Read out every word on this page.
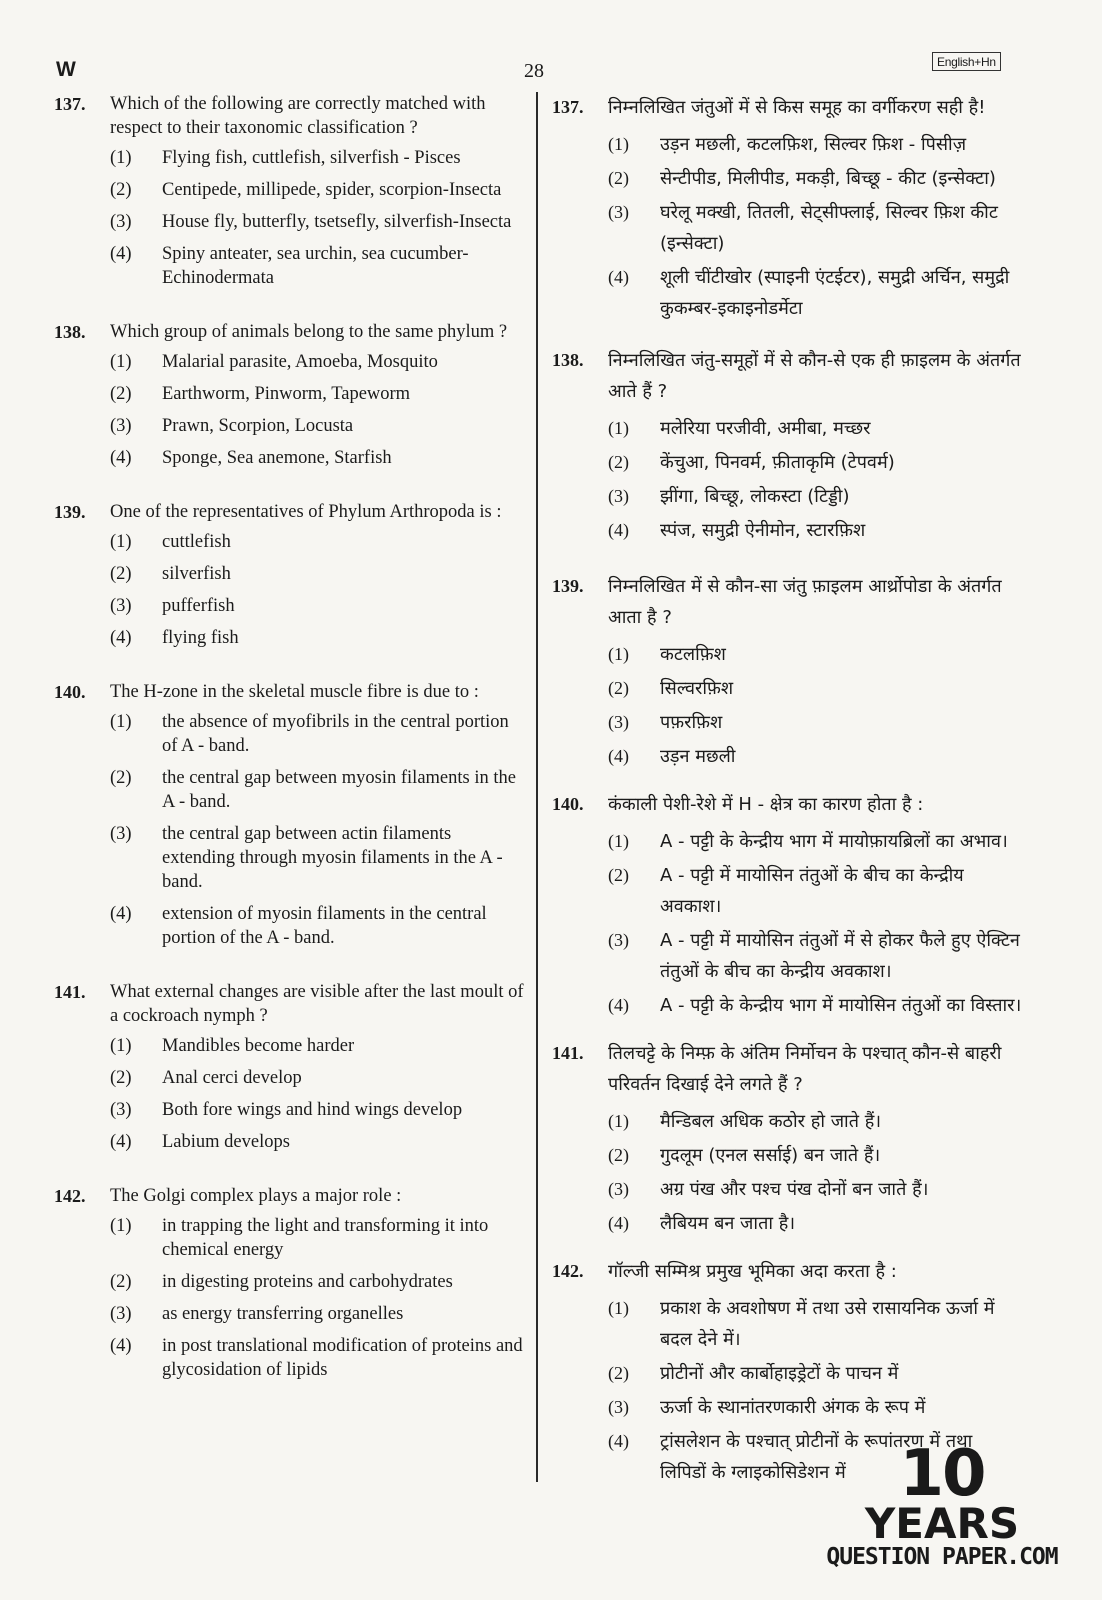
W	28	English+Hn
137. Which of the following are correctly matched with respect to their taxonomic classification ?
(1) Flying fish, cuttlefish, silverfish - Pisces
(2) Centipede, millipede, spider, scorpion-Insecta
(3) House fly, butterfly, tsetsefly, silverfish-Insecta
(4) Spiny anteater, sea urchin, sea cucumber-Echinodermata
138. Which group of animals belong to the same phylum ?
(1) Malarial parasite, Amoeba, Mosquito
(2) Earthworm, Pinworm, Tapeworm
(3) Prawn, Scorpion, Locusta
(4) Sponge, Sea anemone, Starfish
139. One of the representatives of Phylum Arthropoda is :
(1) cuttlefish
(2) silverfish
(3) pufferfish
(4) flying fish
140. The H-zone in the skeletal muscle fibre is due to :
(1) the absence of myofibrils in the central portion of A - band.
(2) the central gap between myosin filaments in the A - band.
(3) the central gap between actin filaments extending through myosin filaments in the A - band.
(4) extension of myosin filaments in the central portion of the A - band.
141. What external changes are visible after the last moult of a cockroach nymph ?
(1) Mandibles become harder
(2) Anal cerci develop
(3) Both fore wings and hind wings develop
(4) Labium develops
142. The Golgi complex plays a major role :
(1) in trapping the light and transforming it into chemical energy
(2) in digesting proteins and carbohydrates
(3) as energy transferring organelles
(4) in post translational modification of proteins and glycosidation of lipids
137. निम्नलिखित जंतुओं में से किस समूह का वर्गीकरण सही है!
(1) उड़न मछली, कटलफ़िश, सिल्वर फ़िश - पिसीज़
(2) सेन्टीपीड, मिलीपीड, मकड़ी, बिच्छू - कीट (इन्सेक्टा)
(3) घरेलू मक्खी, तितली, सेट्सीफ्लाई, सिल्वर फ़िश कीट (इन्सेक्टा)
(4) शूली चींटीखोर (स्पाइनी एंटईटर), समुद्री अर्चिन, समुद्री कुकम्बर-इकाइनोडर्मेटा
138. निम्नलिखित जंतु-समूहों में से कौन-से एक ही फ़ाइलम के अंतर्गत आते हैं ?
(1) मलेरिया परजीवी, अमीबा, मच्छर
(2) केंचुआ, पिनवर्म, फ़ीताकृमि (टेपवर्म)
(3) झींगा, बिच्छू, लोकस्टा (टिड्डी)
(4) स्पंज, समुद्री ऐनीमोन, स्टारफ़िश
139. निम्नलिखित में से कौन-सा जंतु फ़ाइलम आर्थ्रोपोडा के अंतर्गत आता है ?
(1) कटलफ़िश
(2) सिल्वरफ़िश
(3) पफ़रफ़िश
(4) उड़न मछली
140. कंकाली पेशी-रेशे में H - क्षेत्र का कारण होता है :
(1) A - पट्टी के केन्द्रीय भाग में मायोफ़ायब्रिलों का अभाव।
(2) A - पट्टी में मायोसिन तंतुओं के बीच का केन्द्रीय अवकाश।
(3) A - पट्टी में मायोसिन तंतुओं में से होकर फैले हुए ऐक्टिन तंतुओं के बीच का केन्द्रीय अवकाश।
(4) A - पट्टी के केन्द्रीय भाग में मायोसिन तंतुओं का विस्तार।
141. तिलचट्टे के निम्फ़ के अंतिम निर्मोचन के पश्चात् कौन-से बाहरी परिवर्तन दिखाई देने लगते हैं ?
(1) मैन्डिबल अधिक कठोर हो जाते हैं।
(2) गुदलूम (एनल सर्साई) बन जाते हैं।
(3) अग्र पंख और पश्च पंख दोनों बन जाते हैं।
(4) लैबियम बन जाता है।
142. गॉल्जी सम्मिश्र प्रमुख भूमिका अदा करता है :
(1) प्रकाश के अवशोषण में तथा उसे रासायनिक ऊर्जा में बदल देने में।
(2) प्रोटीनों और कार्बोहाइड्रेटों के पाचन में
(3) ऊर्जा के स्थानांतरणकारी अंगक के रूप में
(4) ट्रांसलेशन के पश्चात् प्रोटीनों के रूपांतरण में तथा लिपिडों के ग्लाइकोसिडेशन में 10
YEARS
QUESTION PAPER.COM
